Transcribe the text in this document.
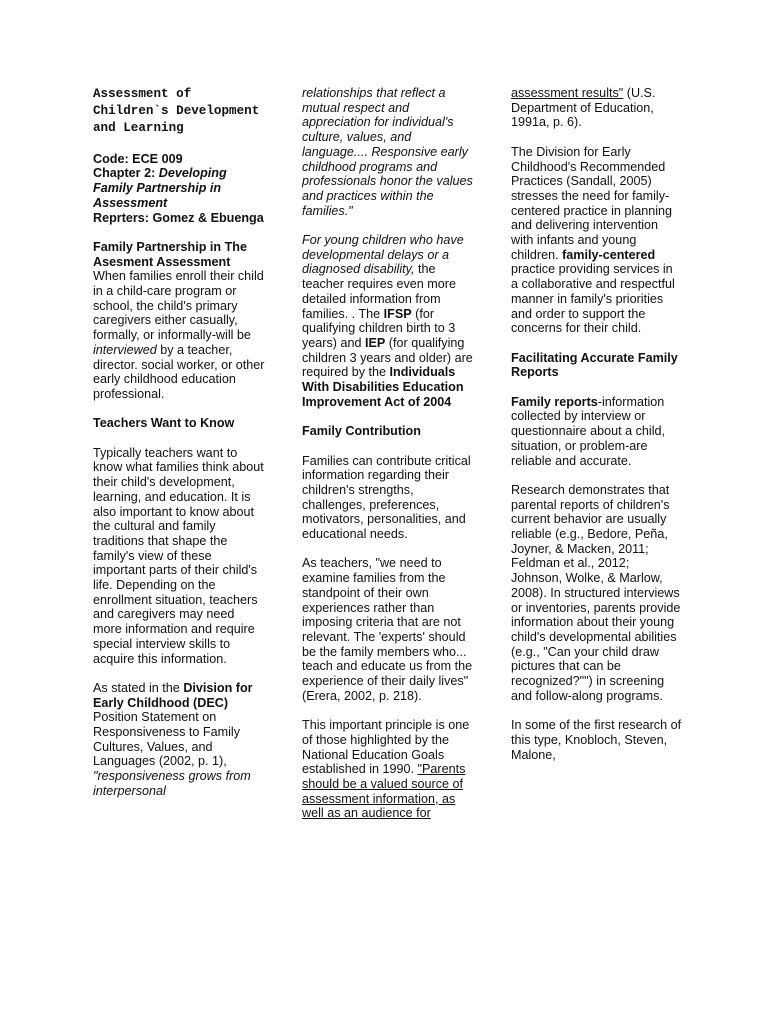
Assessment of Children`s Development and Learning

Code: ECE 009
Chapter 2: Developing Family Partnership in Assessment
Reprters: Gomez & Ebuenga

Family Partnership in The Asesment Assessment

When families enroll their child in a child-care program or school, the child's primary caregivers either casually, formally, or informally-will be interviewed by a teacher, director. social worker, or other early childhood education professional.

Teachers Want to Know

Typically teachers want to know what families think about their child's development, learning, and education. It is also important to know about the cultural and family traditions that shape the family's view of these important parts of their child's life. Depending on the enrollment situation, teachers and caregivers may need more information and require special interview skills to acquire this information.

As stated in the Division for Early Childhood (DEC) Position Statement on Responsiveness to Family Cultures, Values, and Languages (2002, p. 1), "responsiveness grows from interpersonal

relationships that reflect a mutual respect and appreciation for individual's culture, values, and language.... Responsive early childhood programs and professionals honor the values and practices within the families."

For young children who have developmental delays or a diagnosed disability, the teacher requires even more detailed information from families. . The IFSP (for qualifying children birth to 3 years) and IEP (for qualifying children 3 years and older) are required by the Individuals With Disabilities Education Improvement Act of 2004

Family Contribution

Families can contribute critical information regarding their children's strengths, challenges, preferences, motivators, personalities, and educational needs.

As teachers, "we need to examine families from the standpoint of their own experiences rather than imposing criteria that are not relevant. The 'experts' should be the family members who... teach and educate us from the experience of their daily lives" (Erera, 2002, p. 218).

This important principle is one of those highlighted by the National Education Goals established in 1990. "Parents should be a valued source of assessment information, as well as an audience for

assessment results" (U.S. Department of Education, 1991a, p. 6).

The Division for Early Childhood's Recommended Practices (Sandall, 2005) stresses the need for family-centered practice in planning and delivering intervention with infants and young children. family-centered practice providing services in a collaborative and respectful manner in family's priorities and order to support the concerns for their child.

Facilitating Accurate Family Reports

Family reports-information collected by interview or questionnaire about a child, situation, or problem-are reliable and accurate.

Research demonstrates that parental reports of children's current behavior are usually reliable (e.g., Bedore, Peña, Joyner, & Macken, 2011; Feldman et al., 2012; Johnson, Wolke, & Marlow, 2008). In structured interviews or inventories, parents provide information about their young child's developmental abilities (e.g., "Can your child draw pictures that can be recognized?"") in screening and follow-along programs.

In some of the first research of this type, Knobloch, Steven, Malone,
